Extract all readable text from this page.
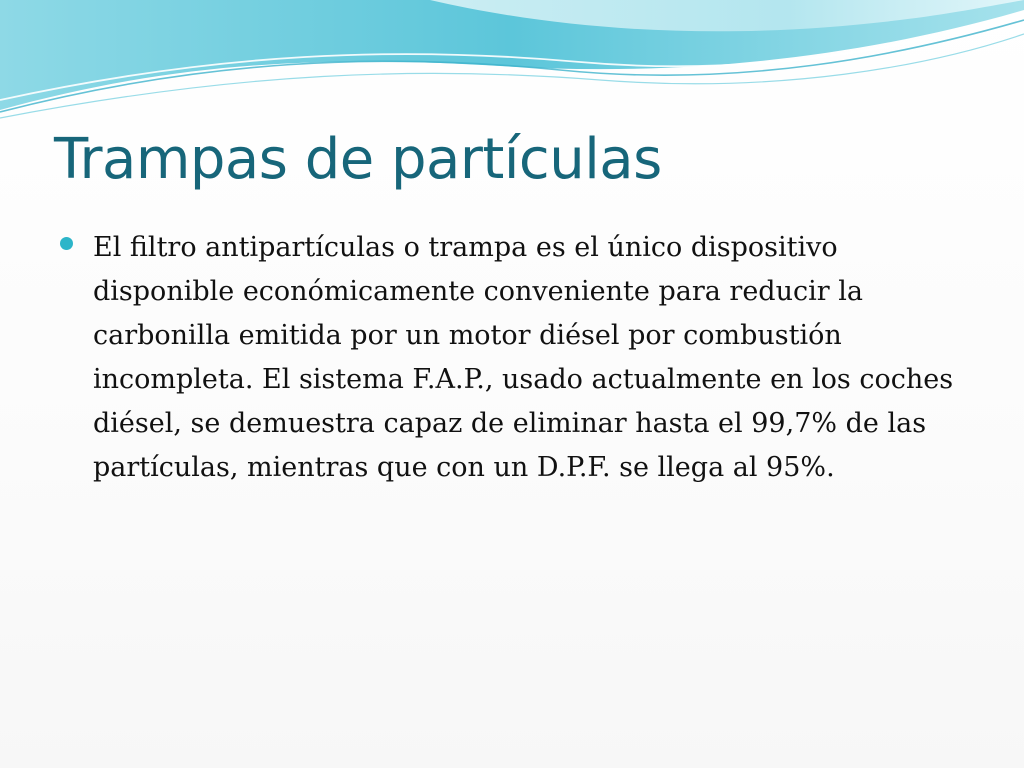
Trampas de partículas
El filtro antipartículas o trampa es el único dispositivo disponible económicamente conveniente para reducir la carbonilla emitida por un motor diésel por combustión incompleta. El sistema F.A.P., usado actualmente en los coches diésel, se demuestra capaz de eliminar hasta el 99,7% de las partículas, mientras que con un D.P.F. se llega al 95%.
